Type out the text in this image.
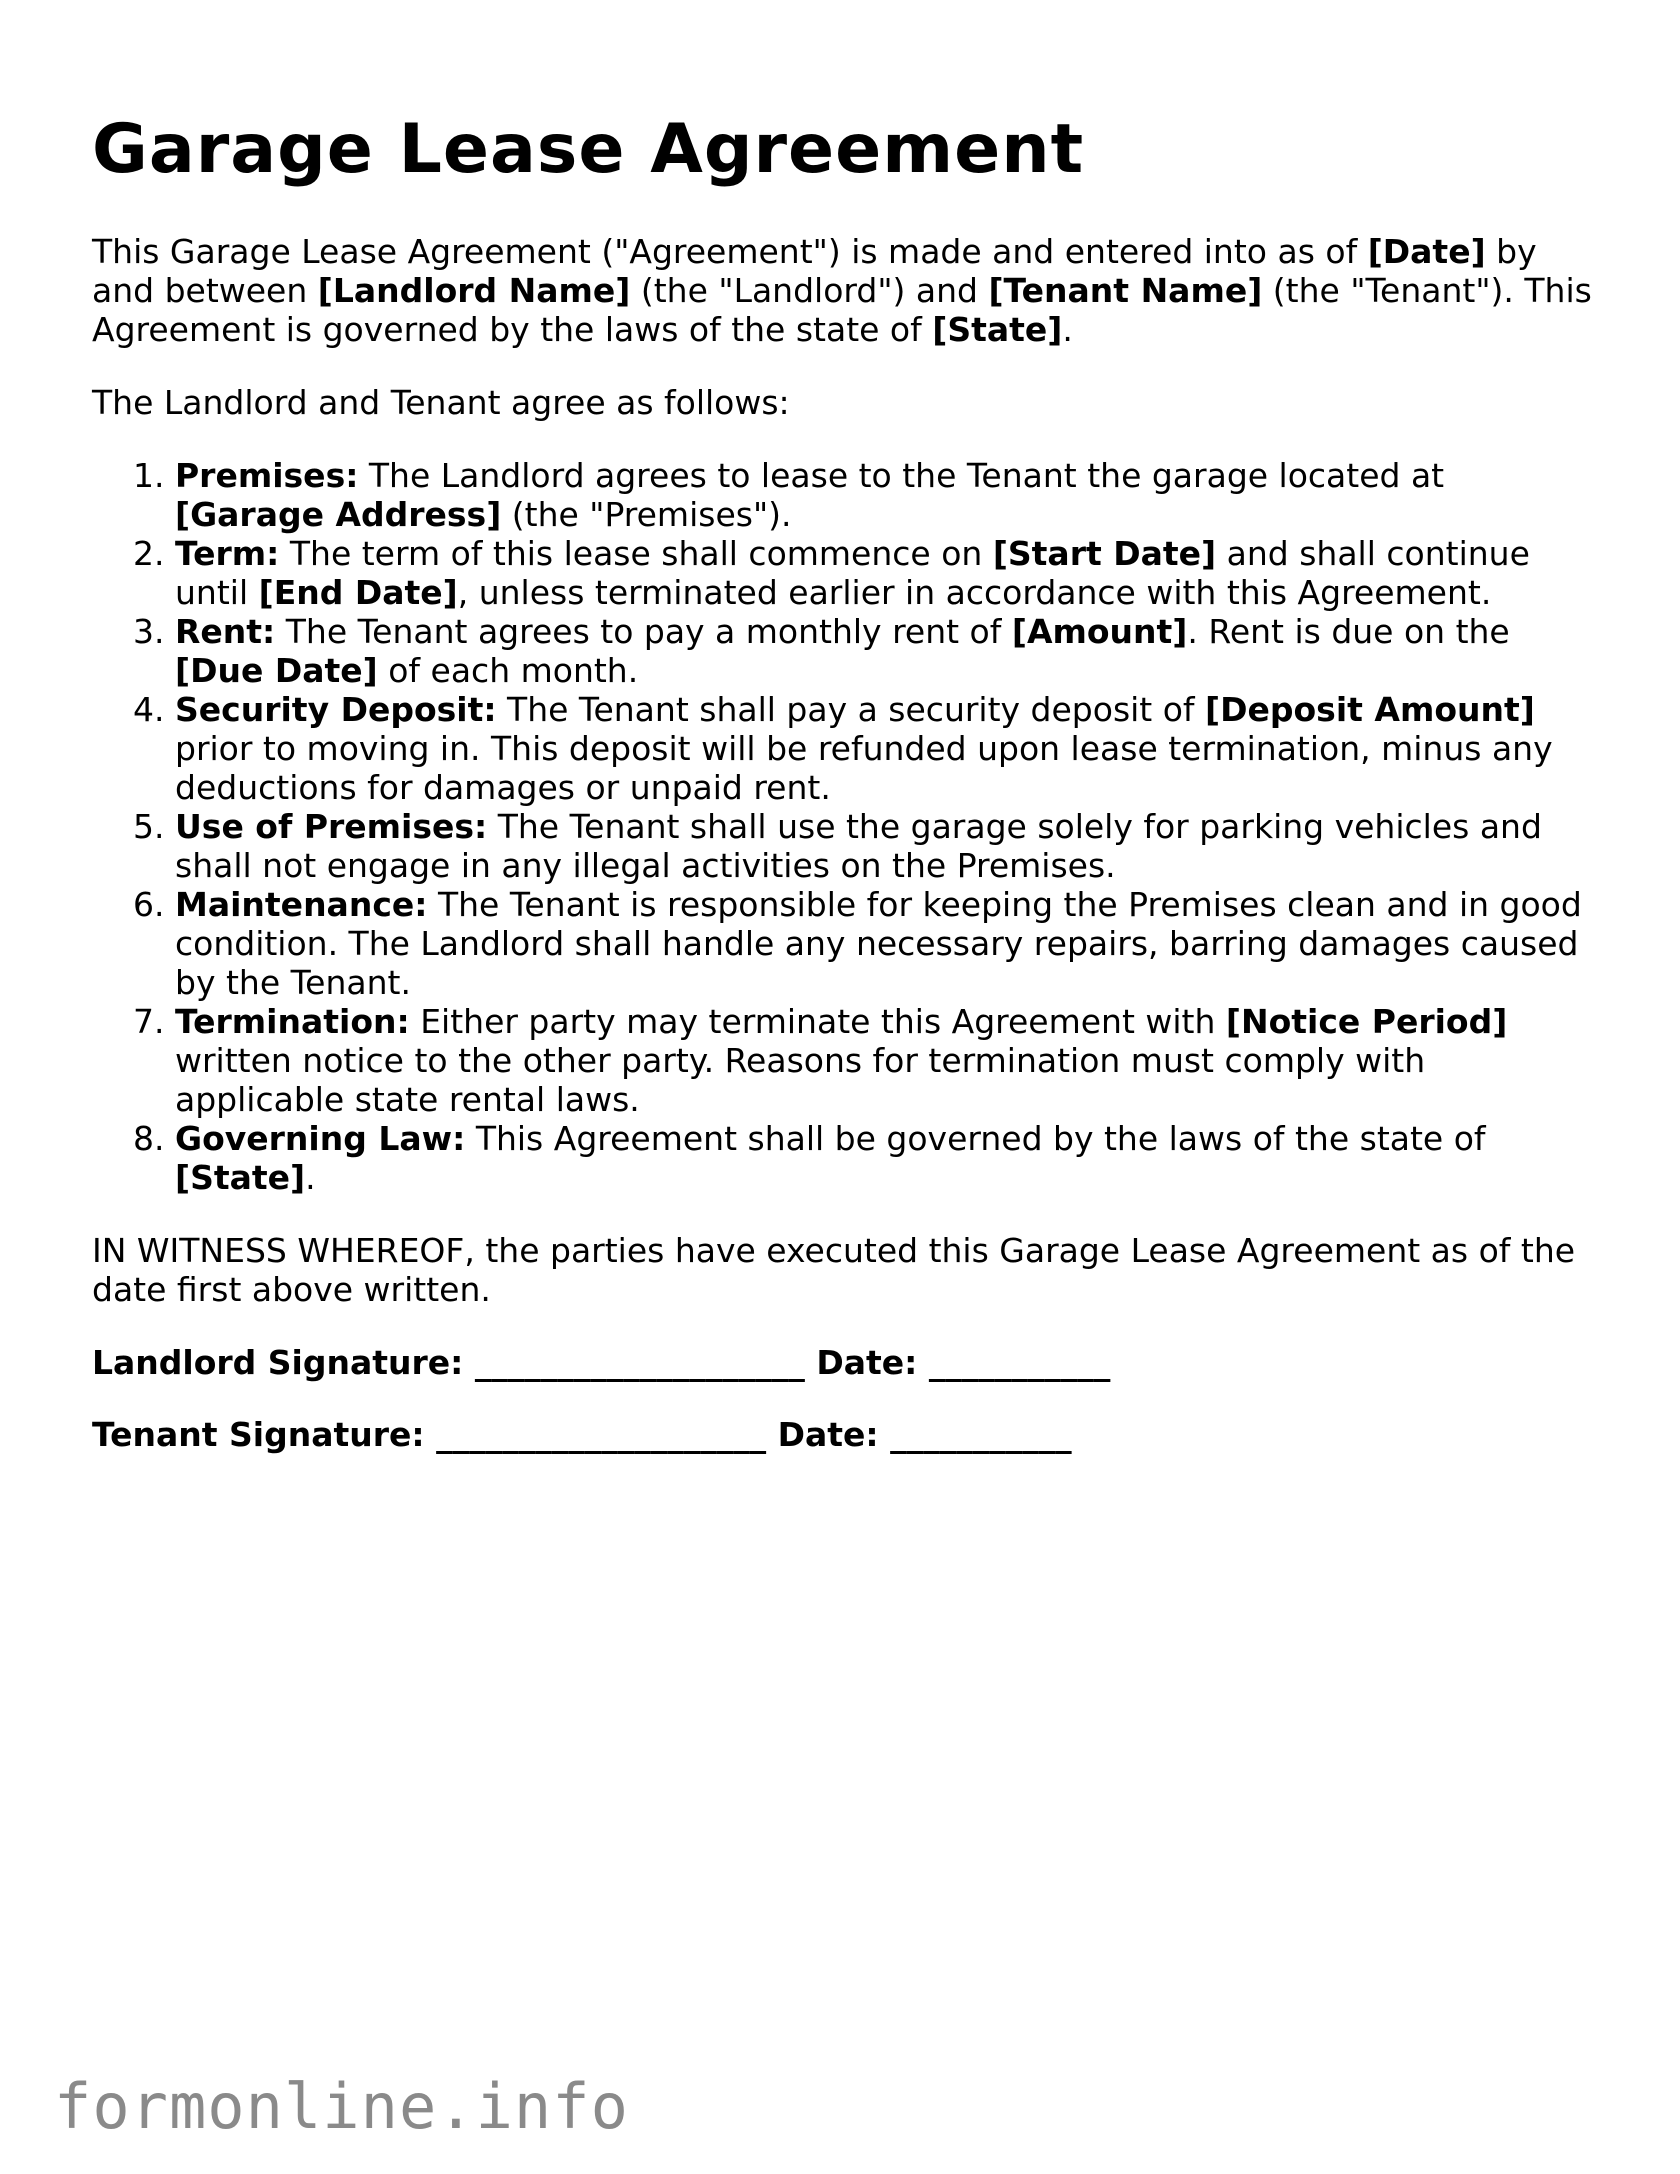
Garage Lease Agreement

This Garage Lease Agreement ("Agreement") is made and entered into as of [Date] by and between [Landlord Name] (the "Landlord") and [Tenant Name] (the "Tenant"). This Agreement is governed by the laws of the state of [State].

The Landlord and Tenant agree as follows:

1. Premises: The Landlord agrees to lease to the Tenant the garage located at [Garage Address] (the "Premises").
2. Term: The term of this lease shall commence on [Start Date] and shall continue until [End Date], unless terminated earlier in accordance with this Agreement.
3. Rent: The Tenant agrees to pay a monthly rent of [Amount]. Rent is due on the [Due Date] of each month.
4. Security Deposit: The Tenant shall pay a security deposit of [Deposit Amount] prior to moving in. This deposit will be refunded upon lease termination, minus any deductions for damages or unpaid rent.
5. Use of Premises: The Tenant shall use the garage solely for parking vehicles and shall not engage in any illegal activities on the Premises.
6. Maintenance: The Tenant is responsible for keeping the Premises clean and in good condition. The Landlord shall handle any necessary repairs, barring damages caused by the Tenant.
7. Termination: Either party may terminate this Agreement with [Notice Period] written notice to the other party. Reasons for termination must comply with applicable state rental laws.
8. Governing Law: This Agreement shall be governed by the laws of the state of [State].

IN WITNESS WHEREOF, the parties have executed this Garage Lease Agreement as of the date first above written.

Landlord Signature: ____________________ Date: ___________
Tenant Signature: ____________________ Date: ___________
formonline.info
